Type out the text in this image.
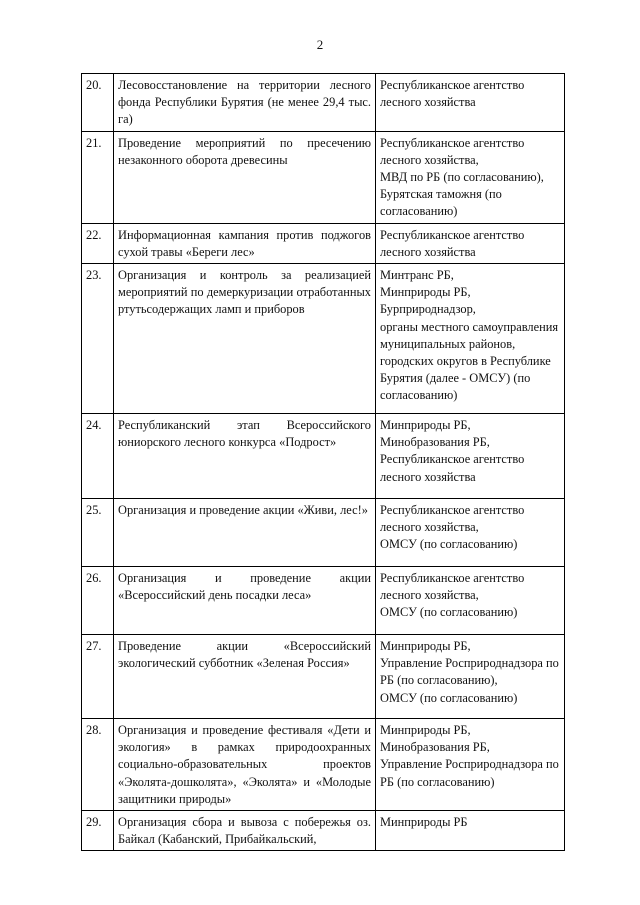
2
20.	Лесовосстановление на территории лесного фонда Республики Бурятия (не менее 29,4 тыс. га)	Республиканское агентство лесного хозяйства
21.	Проведение мероприятий по пресечению незаконного оборота древесины	Республиканское агентство лесного хозяйства,
МВД по РБ (по согласованию),
Бурятская таможня (по согласованию)
22.	Информационная кампания против поджогов сухой травы «Береги лес»	Республиканское агентство лесного хозяйства
23.	Организация и контроль за реализацией мероприятий по демеркуризации отработанных ртутьсодержащих ламп и приборов	Минтранс РБ,
Минприроды РБ,
Бурприроднадзор,
органы местного самоуправления муниципальных районов, городских округов в Республике Бурятия (далее - ОМСУ) (по согласованию)
24.	Республиканский этап Всероссийского юниорского лесного конкурса «Подрост»	Минприроды РБ,
Минобразования РБ,
Республиканское агентство лесного хозяйства
25.	Организация и проведение акции «Живи, лес!»	Республиканское агентство лесного хозяйства,
ОМСУ (по согласованию)
26.	Организация и проведение акции «Всероссийский день посадки леса»	Республиканское агентство лесного хозяйства,
ОМСУ (по согласованию)
27.	Проведение акции «Всероссийский экологический субботник «Зеленая Россия»	Минприроды РБ,
Управление Росприроднадзора по РБ (по согласованию),
ОМСУ (по согласованию)
28.	Организация и проведение фестиваля «Дети и экология» в рамках природоохранных социально-образовательных проектов «Эколята-дошколята», «Эколята» и «Молодые защитники природы»	Минприроды РБ,
Минобразования РБ,
Управление Росприроднадзора по РБ (по согласованию)
29.	Организация сбора и вывоза с побережья оз. Байкал (Кабанский, Прибайкальский,	Минприроды РБ
